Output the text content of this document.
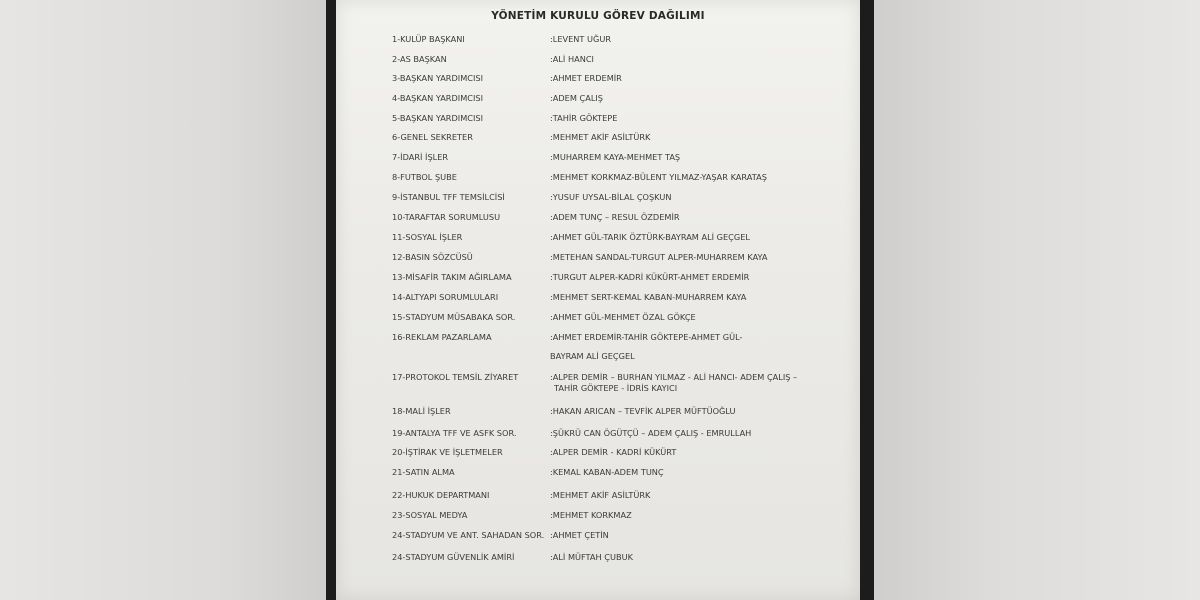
YÖNETİM KURULU GÖREV DAĞILIMI
1-KULÜP BAŞKANI	:LEVENT UĞUR
2-AS BAŞKAN	:ALİ HANCI
3-BAŞKAN YARDIMCISI	:AHMET ERDEMİR
4-BAŞKAN YARDIMCISI	:ADEM ÇALIŞ
5-BAŞKAN YARDIMCISI	:TAHİR GÖKTEPE
6-GENEL SEKRETER	:MEHMET AKİF ASİLTÜRK
7-İDARİ İŞLER	:MUHARREM KAYA-MEHMET TAŞ
8-FUTBOL ŞUBE	:MEHMET KORKMAZ-BÜLENT YILMAZ-YAŞAR KARATAŞ
9-İSTANBUL TFF TEMSİLCİSİ	:YUSUF UYSAL-BİLAL ÇOŞKUN
10-TARAFTAR SORUMLUSU	:ADEM TUNÇ – RESUL ÖZDEMİR
11-SOSYAL İŞLER	:AHMET GÜL-TARIK ÖZTÜRK-BAYRAM ALİ GEÇGEL
12-BASIN SÖZCÜSÜ	:METEHAN SANDAL-TURGUT ALPER-MUHARREM KAYA
13-MİSAFİR TAKIM AĞIRLAMA	:TURGUT ALPER-KADRİ KÜKÜRT-AHMET ERDEMİR
14-ALTYAPI SORUMLULARI	:MEHMET SERT-KEMAL KABAN-MUHARREM KAYA
15-STADYUM MÜSABAKA SOR.	:AHMET GÜL-MEHMET ÖZAL GÖKÇE
16-REKLAM PAZARLAMA	:AHMET ERDEMİR-TAHİR GÖKTEPE-AHMET GÜL-
BAYRAM ALİ GEÇGEL
17-PROTOKOL TEMSİL ZİYARET	:ALPER DEMİR – BURHAN YILMAZ - ALİ HANCI- ADEM ÇALIŞ –
TAHİR GÖKTEPE - İDRİS KAYICI
18-MALİ İŞLER	:HAKAN ARICAN – TEVFİK ALPER MÜFTÜOĞLU
19-ANTALYA TFF VE ASFK SOR.	:ŞÜKRÜ CAN ÖGÜTÇÜ – ADEM ÇALIŞ - EMRULLAH
20-İŞTİRAK VE İŞLETMELER	:ALPER DEMİR - KADRİ KÜKÜRT
21-SATIN ALMA	:KEMAL KABAN-ADEM TUNÇ
22-HUKUK DEPARTMANI	:MEHMET AKİF ASİLTÜRK
23-SOSYAL MEDYA	:MEHMET KORKMAZ
24-STADYUM VE ANT. SAHADAN SOR. :AHMET ÇETİN
24-STADYUM GÜVENLİK AMİRİ	:ALİ MÜFTAH ÇUBUK
